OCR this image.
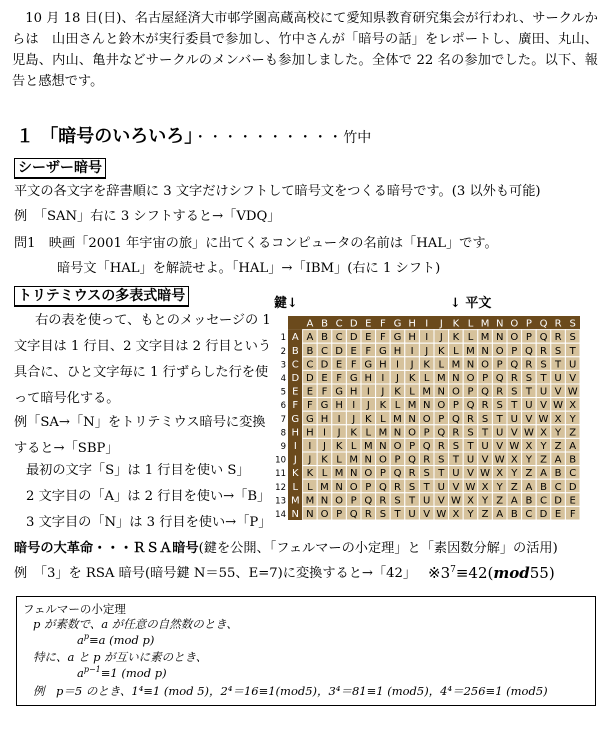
10 月 18 日(日)、名古屋経済大市邨学園高蔵高校にて愛知県教育研究集会が行われ、サークルからは　山田さんと鈴木が実行委員で参加し、竹中さんが「暗号の話」をレポートし、廣田、丸山、児島、内山、亀井などサークルのメンバーも参加しました。全体で 22 名の参加でした。以下、報告と感想です。
１ 「暗号のいろいろ」・・・・・・・・・・竹中
シーザー暗号
平文の各文字を辞書順に 3 文字だけシフトして暗号文をつくる暗号です。(3 以外も可能)
例　「SAN」右に 3 シフトすると→「VDQ」
問1　映画「2001 年宇宙の旅」に出てくるコンピュータの名前は「HAL」です。
暗号文「HAL」を解読せよ。「HAL」→「IBM」(右に 1 シフト)
トリテミウスの多表式暗号
右の表を使って、もとのメッセージの 1 文字目は 1 行目、2 文字目は 2 行目という具合に、ひと文字毎に 1 行ずらした行を使って暗号化する。
例「SA→「N」をトリテミウス暗号に変換すると→「SBP」
最初の文字「S」は 1 行目を使い S」
2 文字目の「A」は 2 行目を使い→「B」
3 文字目の「N」は 3 行目を使い→「P」
鍵↓	↓ 平文
A B C D E F G H I J K L M N O P Q R S
1 A A B C D E F G H I J K L M N O P Q R S
2 B B C D E F G H I J K L M N O P Q R S T
3 C C D E F G H I J K L M N O P Q R S T U
4 D D E F G H I J K L M N O P Q R S T U V
5 E E F G H I J K L M N O P Q R S T U V W
6 F F G H I J K L M N O P Q R S T U V W X
7 G G H I J K L M N O P Q R S T U V W X Y
8 H H I J K L M N O P Q R S T U V W X Y Z
9 I I J K L M N O P Q R S T U V W X Y Z A
10 J J K L M N O P Q R S T U V W X Y Z A B
11 K K L M N O P Q R S T U V W X Y Z A B C
12 L L M N O P Q R S T U V W X Y Z A B C D
13 M M N O P Q R S T U V W X Y Z A B C D E
14 N N O P Q R S T U V W X Y Z A B C D E F
暗号の大革命・・・ＲＳＡ暗号(鍵を公開、「フェルマーの小定理」と「素因数分解」の活用)
例　「3」を RSA 暗号(暗号鍵 N＝55、E=7)に変換すると→「42」 $※3^7\equiv 42(mod55)$
フェルマーの小定理
p が素数で、a が任意の自然数のとき、
$a^p\equiv a$ (mod p)
特に、a と p が互いに素のとき、
$a^{p-1}\equiv 1$ (mod p)
例　p＝5 のとき、1⁴≡1 (mod 5)，2⁴＝16≡1(mod5)，3⁴＝81≡1 (mod5)，4⁴＝256≡1 (mod5)
